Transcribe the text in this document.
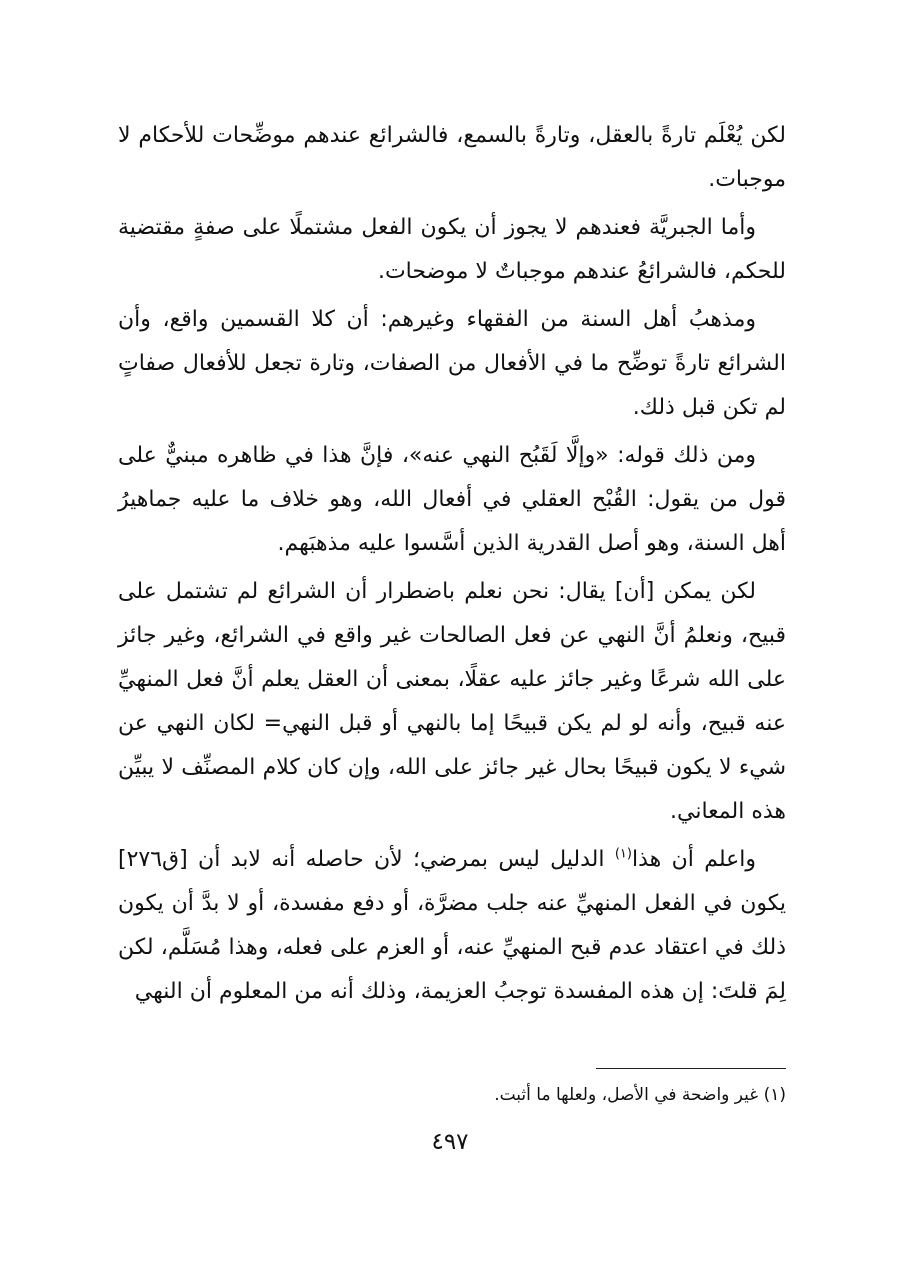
لكن يُعْلَم تارةً بالعقل، وتارةً بالسمع، فالشرائع عندهم موضِّحات للأحكام لا موجبات.

وأما الجبريَّة فعندهم لا يجوز أن يكون الفعل مشتملًا على صفةٍ مقتضية للحكم، فالشرائعُ عندهم موجباتٌ لا موضحات.

ومذهبُ أهل السنة من الفقهاء وغيرهم: أن كلا القسمين واقع، وأن الشرائع تارةً توضِّح ما في الأفعال من الصفات، وتارة تجعل للأفعال صفاتٍ لم تكن قبل ذلك.

ومن ذلك قوله: «وإلَّا لَقَبُح النهي عنه»، فإنَّ هذا في ظاهره مبنيٌّ على قول من يقول: القُبْح العقلي في أفعال الله، وهو خلاف ما عليه جماهيرُ أهل السنة، وهو أصل القدرية الذين أسَّسوا عليه مذهبَهم.

لكن يمكن [أن] يقال: نحن نعلم باضطرار أن الشرائع لم تشتمل على قبيح، ونعلمُ أنَّ النهي عن فعل الصالحات غير واقع في الشرائع، وغير جائز على الله شرعًا وغير جائز عليه عقلًا، بمعنى أن العقل يعلم أنَّ فعل المنهيِّ عنه قبيح، وأنه لو لم يكن قبيحًا إما بالنهي أو قبل النهي= لكان النهي عن شيء لا يكون قبيحًا بحال غير جائز على الله، وإن كان كلام المصنِّف لا يبيِّن هذه المعاني.

واعلم أن هذا$^{(١)}$ الدليل ليس بمرضي؛ لأن حاصله أنه لابد أن [ق٢٧٦] يكون في الفعل المنهيِّ عنه جلب مضرَّة، أو دفع مفسدة، أو لا بدَّ أن يكون ذلك في اعتقاد عدم قبح المنهيِّ عنه، أو العزم على فعله، وهذا مُسَلَّم، لكن لِمَ قلتَ: إن هذه المفسدة توجبُ العزيمة، وذلك أنه من المعلوم أن النهي

(١) غير واضحة في الأصل، ولعلها ما أثبت.
٤٩٧
